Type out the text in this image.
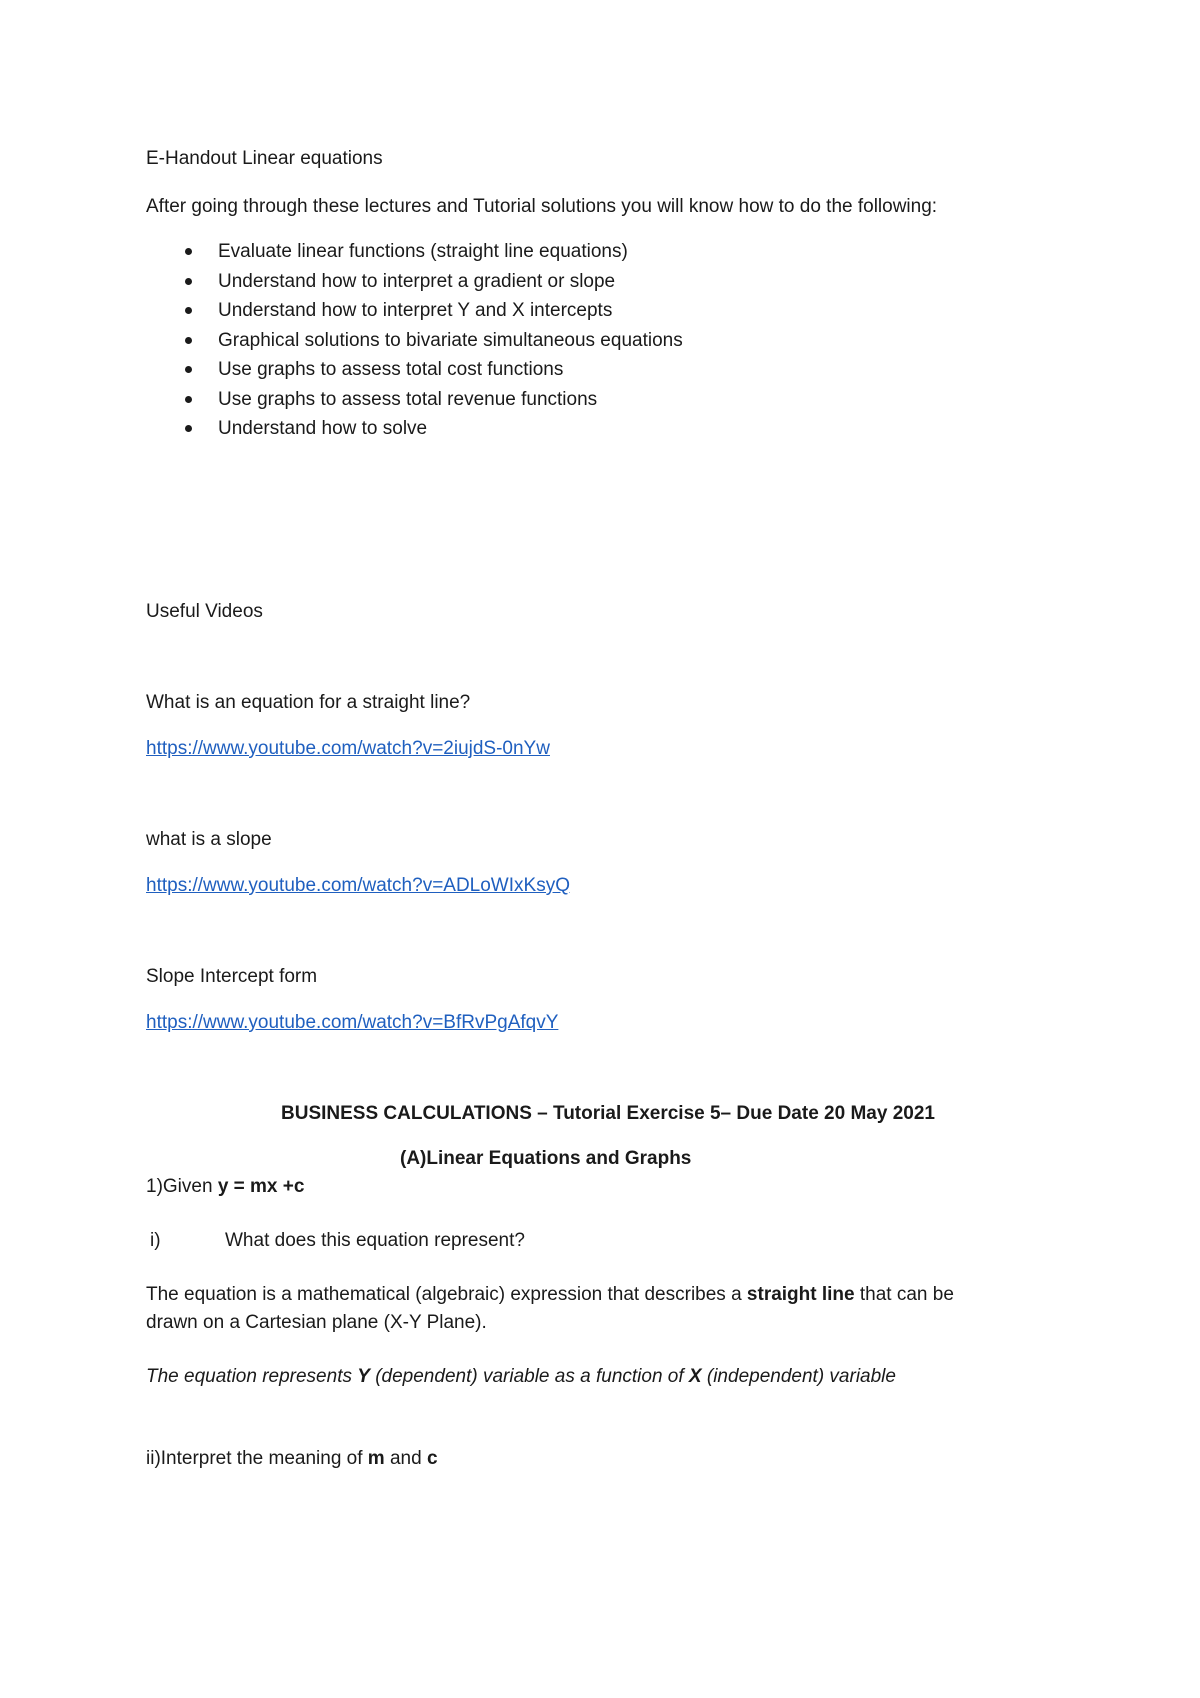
E-Handout Linear equations

After going through these lectures and Tutorial solutions you will know how to do the following:

Evaluate linear functions (straight line equations)
Understand how to interpret a gradient or slope
Understand how to interpret Y and X intercepts
Graphical solutions to bivariate simultaneous equations
Use graphs to assess total cost functions
Use graphs to assess total revenue functions
Understand how to solve

Useful Videos

What is an equation for a straight line?

https://www.youtube.com/watch?v=2iujdS-0nYw

what is a slope

https://www.youtube.com/watch?v=ADLoWIxKsyQ

Slope Intercept form

https://www.youtube.com/watch?v=BfRvPgAfqvY

BUSINESS CALCULATIONS – Tutorial Exercise 5– Due Date 20 May 2021

(A)Linear Equations and Graphs

1)Given y = mx +c

i)	What does this equation represent?

The equation is a mathematical (algebraic) expression that describes a straight line that can be

drawn on a Cartesian plane (X-Y Plane).

The equation represents Y (dependent) variable as a function of X (independent) variable

ii)Interpret the meaning of m and c
